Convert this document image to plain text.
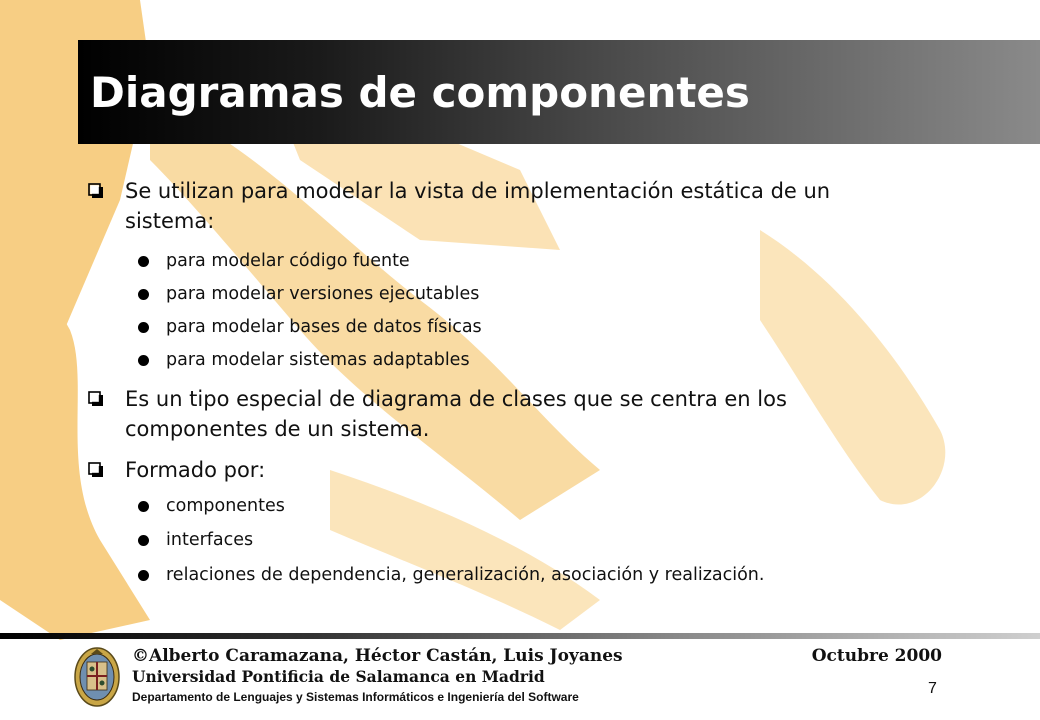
Diagramas de componentes
Se utilizan para modelar la vista de implementación estática de un sistema:
para modelar código fuente
para modelar versiones ejecutables
para modelar bases de datos físicas
para modelar sistemas adaptables
Es un tipo especial de diagrama de clases que se centra en los componentes de un sistema.
Formado por:
componentes
interfaces
relaciones de dependencia, generalización, asociación y realización.
©Alberto Caramazana, Héctor Castán, Luis Joyanes	Octubre 2000
Universidad Pontificia de Salamanca en Madrid
Departamento de Lenguajes y Sistemas Informáticos e Ingeniería del Software	7
